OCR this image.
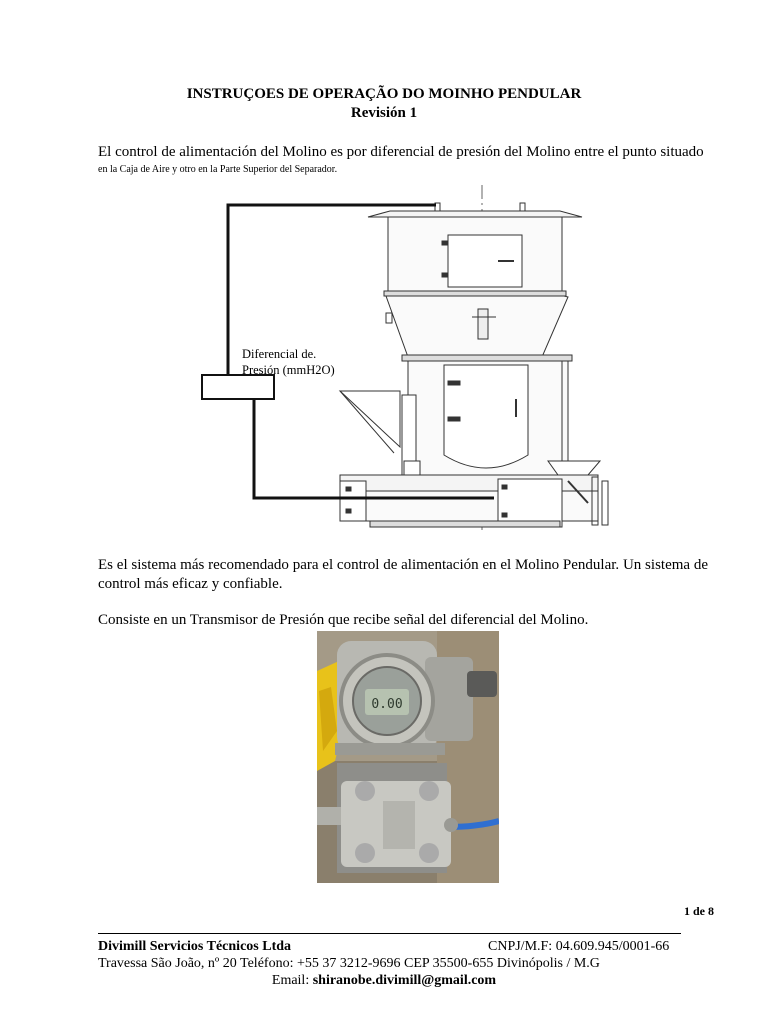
INSTRUÇOES DE OPERAÇÃO DO MOINHO PENDULAR
Revisión 1
El control de alimentación del Molino es por diferencial de presión del Molino entre el punto situado
en la Caja de Aire y otro en la Parte Superior del Separador.
Diferencial de.
Presión (mmH2O)
Es el sistema más recomendado para el control de alimentación en el Molino Pendular. Un sistema de control más eficaz y confiable.
Consiste en un Transmisor de Presión que recibe señal del diferencial del Molino.
0.00
1 de 8
Divimill Servicios Técnicos Ltda	CNPJ/M.F: 04.609.945/0001-66
Travessa São João, nº 20 Teléfono: +55 37 3212-9696 CEP 35500-655 Divinópolis / M.G
Email: shiranobe.divimill@gmail.com
